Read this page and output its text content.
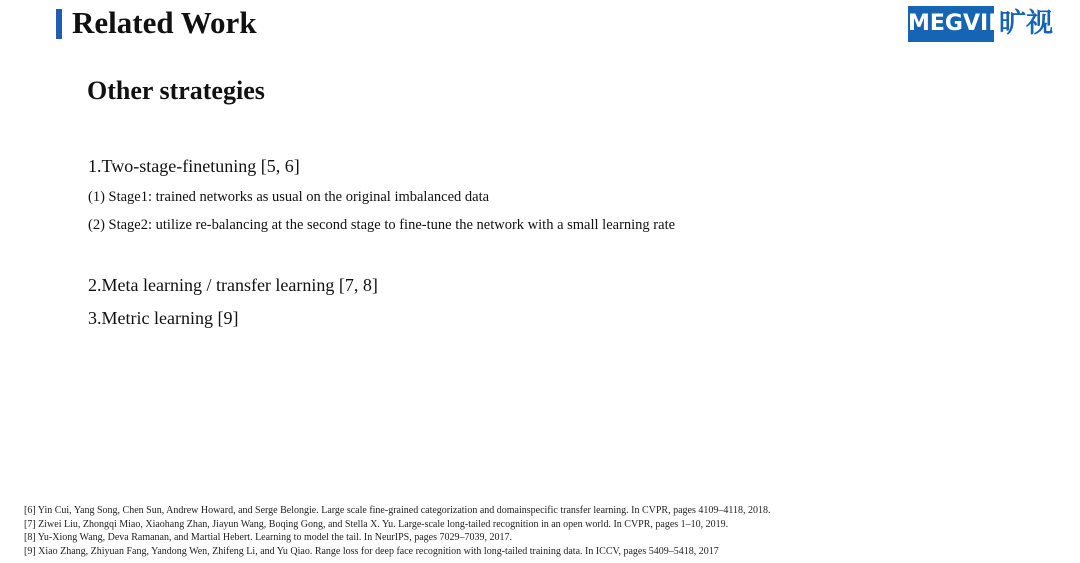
Related Work	MEGVII 旷视
Other strategies
1.Two-stage-finetuning [5, 6]
(1) Stage1: trained networks as usual on the original imbalanced data
(2) Stage2: utilize re-balancing at the second stage to fine-tune the network with a small learning rate
2.Meta learning / transfer learning [7, 8]
3.Metric learning [9]
[6] Yin Cui, Yang Song, Chen Sun, Andrew Howard, and Serge Belongie. Large scale fine-grained categorization and domainspecific transfer learning. In CVPR, pages 4109–4118, 2018.
[7] Ziwei Liu, Zhongqi Miao, Xiaohang Zhan, Jiayun Wang, Boqing Gong, and Stella X. Yu. Large-scale long-tailed recognition in an open world. In CVPR, pages 1–10, 2019.
[8] Yu-Xiong Wang, Deva Ramanan, and Martial Hebert. Learning to model the tail. In NeurIPS, pages 7029–7039, 2017.
[9] Xiao Zhang, Zhiyuan Fang, Yandong Wen, Zhifeng Li, and Yu Qiao. Range loss for deep face recognition with long-tailed training data. In ICCV, pages 5409–5418, 2017
